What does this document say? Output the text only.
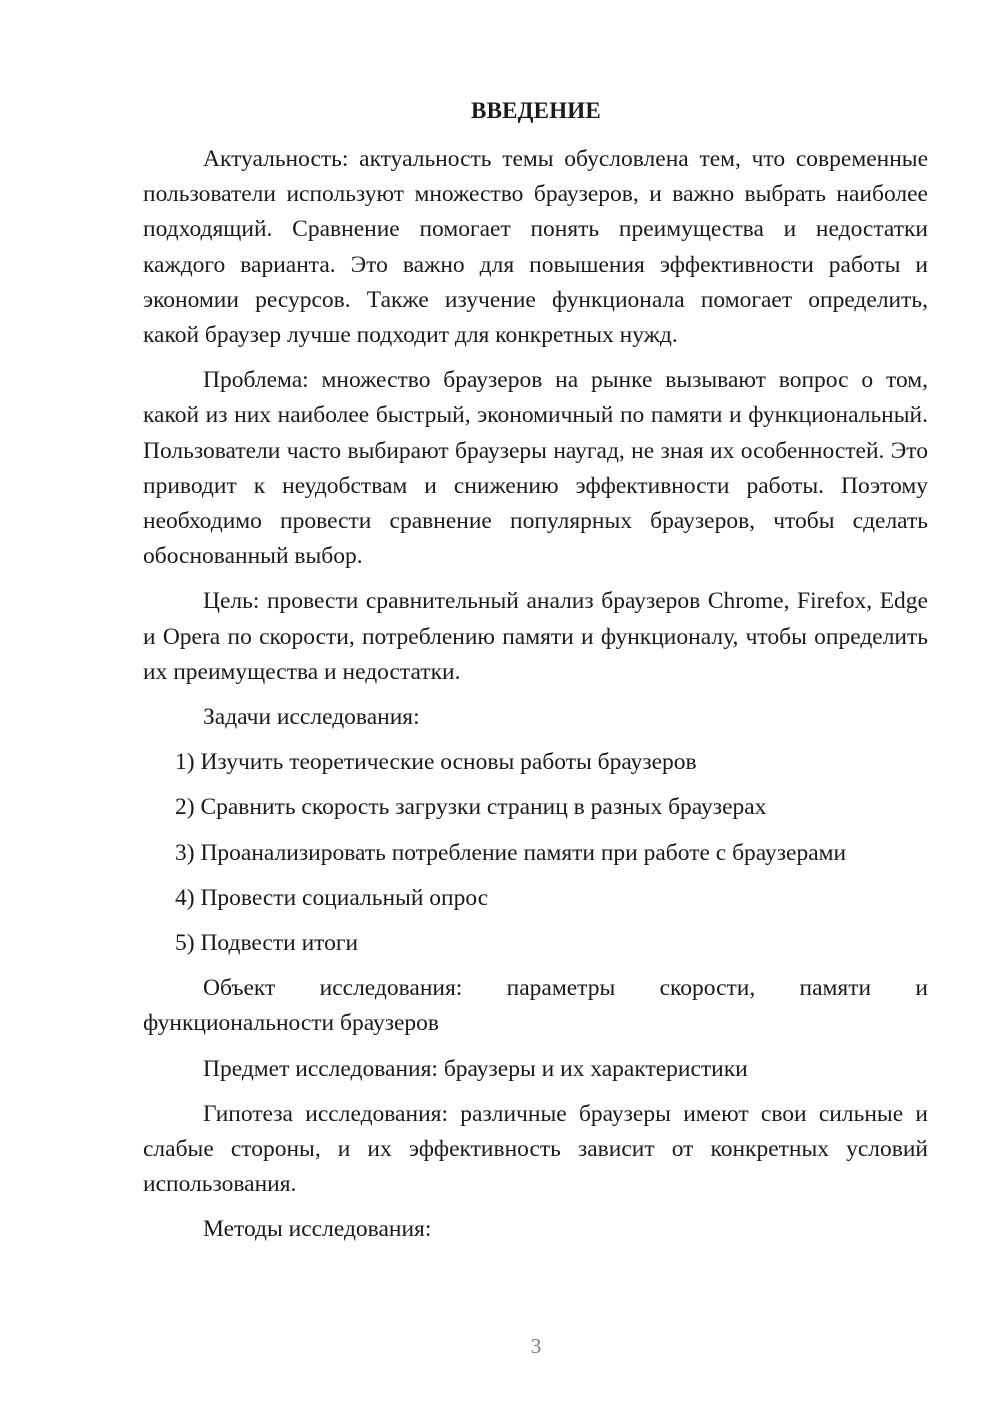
ВВЕДЕНИЕ

Актуальность: актуальность темы обусловлена тем, что современные пользователи используют множество браузеров, и важно выбрать наиболее подходящий. Сравнение помогает понять преимущества и недостатки каждого варианта. Это важно для повышения эффективности работы и экономии ресурсов. Также изучение функционала помогает определить, какой браузер лучше подходит для конкретных нужд.

Проблема: множество браузеров на рынке вызывают вопрос о том, какой из них наиболее быстрый, экономичный по памяти и функциональный. Пользователи часто выбирают браузеры наугад, не зная их особенностей. Это приводит к неудобствам и снижению эффективности работы. Поэтому необходимо провести сравнение популярных браузеров, чтобы сделать обоснованный выбор.

Цель: провести сравнительный анализ браузеров Chrome, Firefox, Edge и Opera по скорости, потреблению памяти и функционалу, чтобы определить их преимущества и недостатки.

Задачи исследования:

1) Изучить теоретические основы работы браузеров

2) Сравнить скорость загрузки страниц в разных браузерах

3) Проанализировать потребление памяти при работе с браузерами

4) Провести социальный опрос

5) Подвести итоги

Объект исследования: параметры скорости, памяти и функциональности браузеров

Предмет исследования: браузеры и их характеристики

Гипотеза исследования: различные браузеры имеют свои сильные и слабые стороны, и их эффективность зависит от конкретных условий использования.

Методы исследования:

3
